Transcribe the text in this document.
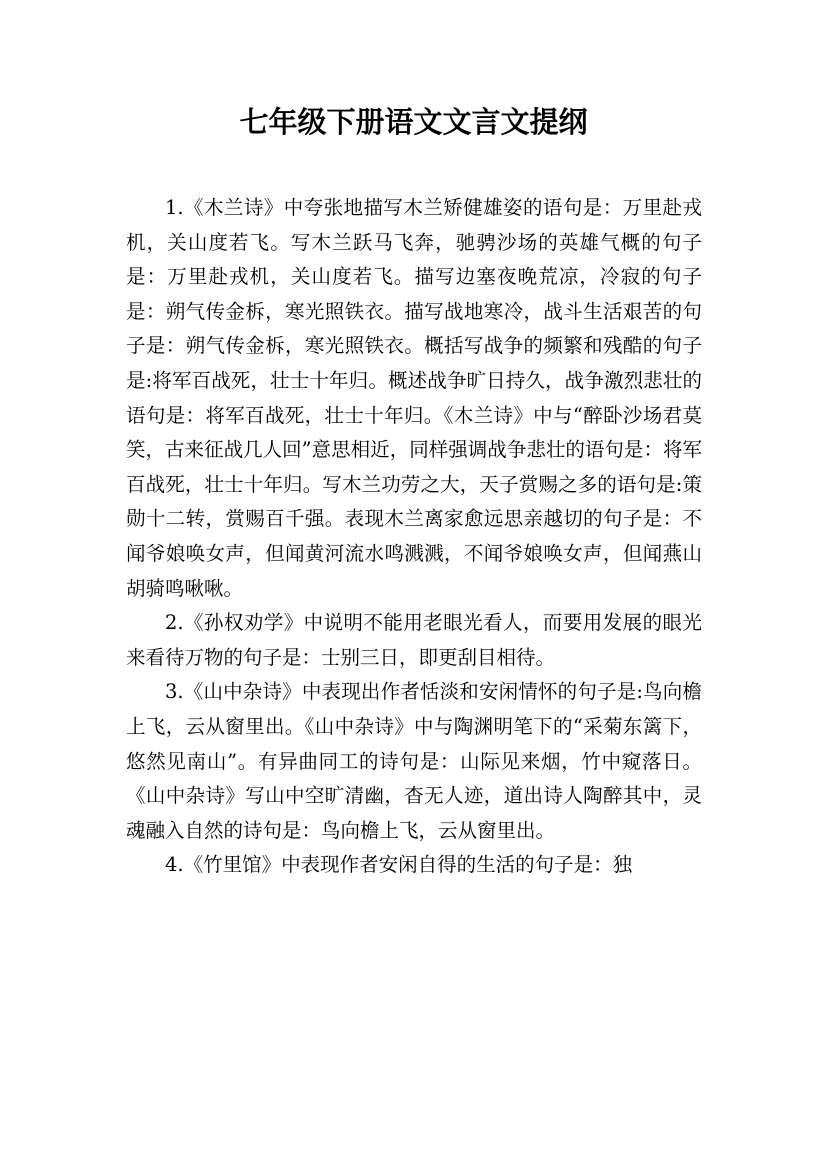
七年级下册语文文言文提纲

1.《木兰诗》中夸张地描写木兰矫健雄姿的语句是：万里赴戎机，关山度若飞。写木兰跃马飞奔，驰骋沙场的英雄气概的句子是：万里赴戎机，关山度若飞。描写边塞夜晚荒凉，冷寂的句子是：朔气传金柝，寒光照铁衣。描写战地寒冷，战斗生活艰苦的句子是：朔气传金柝，寒光照铁衣。概括写战争的频繁和残酷的句子是:将军百战死，壮士十年归。概述战争旷日持久，战争激烈悲壮的语句是：将军百战死，壮士十年归。《木兰诗》中与“醉卧沙场君莫笑，古来征战几人回”意思相近，同样强调战争悲壮的语句是：将军百战死，壮士十年归。写木兰功劳之大，天子赏赐之多的语句是:策勋十二转，赏赐百千强。表现木兰离家愈远思亲越切的句子是：不闻爷娘唤女声，但闻黄河流水鸣溅溅，不闻爷娘唤女声，但闻燕山胡骑鸣啾啾。

2.《孙权劝学》中说明不能用老眼光看人，而要用发展的眼光来看待万物的句子是：士别三日，即更刮目相待。

3.《山中杂诗》中表现出作者恬淡和安闲情怀的句子是:鸟向檐上飞，云从窗里出。《山中杂诗》中与陶渊明笔下的“采菊东篱下，悠然见南山”。有异曲同工的诗句是：山际见来烟，竹中窥落日。《山中杂诗》写山中空旷清幽，杳无人迹，道出诗人陶醉其中，灵魂融入自然的诗句是：鸟向檐上飞，云从窗里出。

4.《竹里馆》中表现作者安闲自得的生活的句子是：独
